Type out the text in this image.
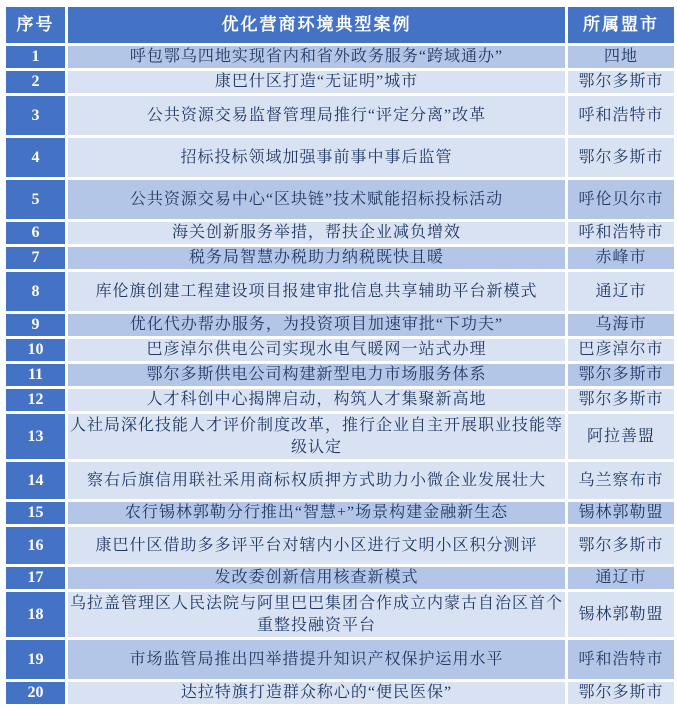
序号	优化营商环境典型案例	所属盟市
1	呼包鄂乌四地实现省内和省外政务服务“跨域通办”	四地
2	康巴什区打造“无证明”城市	鄂尔多斯市
3	公共资源交易监督管理局推行“评定分离”改革	呼和浩特市
4	招标投标领域加强事前事中事后监管	鄂尔多斯市
5	公共资源交易中心“区块链”技术赋能招标投标活动	呼伦贝尔市
6	海关创新服务举措，帮扶企业减负增效	呼和浩特市
7	税务局智慧办税助力纳税既快且暖	赤峰市
8	库伦旗创建工程建设项目报建审批信息共享辅助平台新模式	通辽市
9	优化代办帮办服务，为投资项目加速审批“下功夫”	乌海市
10	巴彦淖尔供电公司实现水电气暖网一站式办理	巴彦淖尔市
11	鄂尔多斯供电公司构建新型电力市场服务体系	鄂尔多斯市
12	人才科创中心揭牌启动，构筑人才集聚新高地	鄂尔多斯市
13	人社局深化技能人才评价制度改革，推行企业自主开展职业技能等级认定	阿拉善盟
14	察右后旗信用联社采用商标权质押方式助力小微企业发展壮大	乌兰察布市
15	农行锡林郭勒分行推出“智慧+”场景构建金融新生态	锡林郭勒盟
16	康巴什区借助多多评平台对辖内小区进行文明小区积分测评	鄂尔多斯市
17	发改委创新信用核查新模式	通辽市
18	乌拉盖管理区人民法院与阿里巴巴集团合作成立内蒙古自治区首个重整投融资平台	锡林郭勒盟
19	市场监管局推出四举措提升知识产权保护运用水平	呼和浩特市
20	达拉特旗打造群众称心的“便民医保”	鄂尔多斯市
